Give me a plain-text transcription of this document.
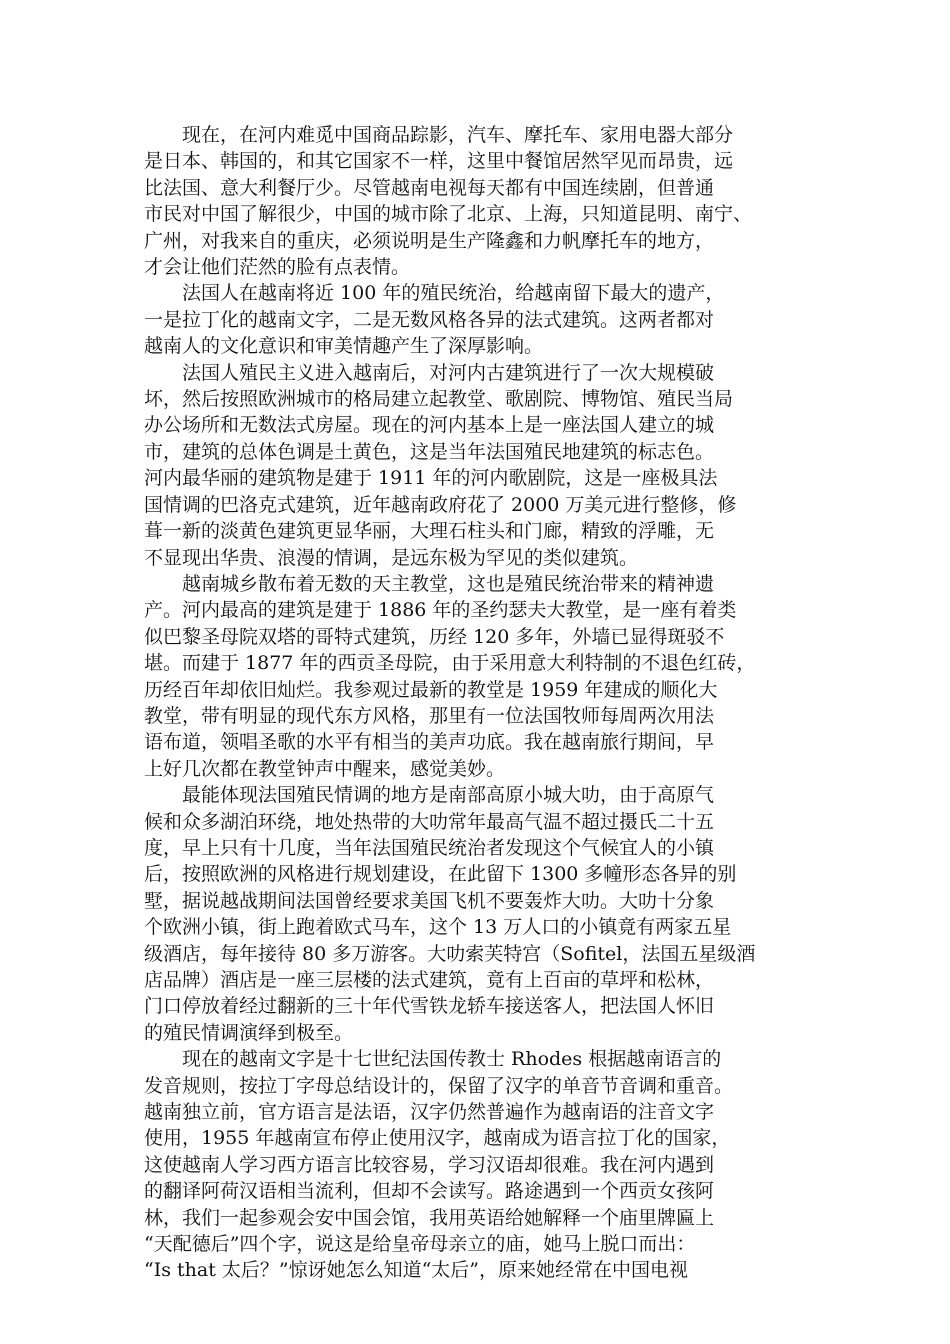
现在，在河内难觅中国商品踪影，汽车、摩托车、家用电器大部分
是日本、韩国的，和其它国家不一样，这里中餐馆居然罕见而昂贵，远
比法国、意大利餐厅少。尽管越南电视每天都有中国连续剧，但普通
市民对中国了解很少，中国的城市除了北京、上海，只知道昆明、南宁、
广州，对我来自的重庆，必须说明是生产隆鑫和力帆摩托车的地方，
才会让他们茫然的脸有点表情。
法国人在越南将近 100 年的殖民统治，给越南留下最大的遗产，
一是拉丁化的越南文字，二是无数风格各异的法式建筑。这两者都对
越南人的文化意识和审美情趣产生了深厚影响。
法国人殖民主义进入越南后，对河内古建筑进行了一次大规模破
坏，然后按照欧洲城市的格局建立起教堂、歌剧院、博物馆、殖民当局
办公场所和无数法式房屋。现在的河内基本上是一座法国人建立的城
市，建筑的总体色调是土黄色，这是当年法国殖民地建筑的标志色。
河内最华丽的建筑物是建于 1911 年的河内歌剧院，这是一座极具法
国情调的巴洛克式建筑，近年越南政府花了 2000 万美元进行整修，修
葺一新的淡黄色建筑更显华丽，大理石柱头和门廊，精致的浮雕，无
不显现出华贵、浪漫的情调，是远东极为罕见的类似建筑。
越南城乡散布着无数的天主教堂，这也是殖民统治带来的精神遗
产。河内最高的建筑是建于 1886 年的圣约瑟夫大教堂，是一座有着类
似巴黎圣母院双塔的哥特式建筑，历经 120 多年，外墙已显得斑驳不
堪。而建于 1877 年的西贡圣母院，由于采用意大利特制的不退色红砖，
历经百年却依旧灿烂。我参观过最新的教堂是 1959 年建成的顺化大
教堂，带有明显的现代东方风格，那里有一位法国牧师每周两次用法
语布道，领唱圣歌的水平有相当的美声功底。我在越南旅行期间，早
上好几次都在教堂钟声中醒来，感觉美妙。
最能体现法国殖民情调的地方是南部高原小城大叻，由于高原气
候和众多湖泊环绕，地处热带的大叻常年最高气温不超过摄氏二十五
度，早上只有十几度，当年法国殖民统治者发现这个气候宜人的小镇
后，按照欧洲的风格进行规划建设，在此留下 1300 多幢形态各异的别
墅，据说越战期间法国曾经要求美国飞机不要轰炸大叻。大叻十分象
个欧洲小镇，街上跑着欧式马车，这个 13 万人口的小镇竟有两家五星
级酒店，每年接待 80 多万游客。大叻索芙特宫（Sofitel，法国五星级酒
店品牌）酒店是一座三层楼的法式建筑，竟有上百亩的草坪和松林，
门口停放着经过翻新的三十年代雪铁龙轿车接送客人，把法国人怀旧
的殖民情调演绎到极至。
现在的越南文字是十七世纪法国传教士 Rhodes 根据越南语言的
发音规则，按拉丁字母总结设计的，保留了汉字的单音节音调和重音。
越南独立前，官方语言是法语，汉字仍然普遍作为越南语的注音文字
使用，1955 年越南宣布停止使用汉字，越南成为语言拉丁化的国家，
这使越南人学习西方语言比较容易，学习汉语却很难。我在河内遇到
的翻译阿荷汉语相当流利，但却不会读写。路途遇到一个西贡女孩阿
林，我们一起参观会安中国会馆，我用英语给她解释一个庙里牌匾上
“天配德后”四个字，说这是给皇帝母亲立的庙，她马上脱口而出：
“Is that 太后？”惊讶她怎么知道“太后”，原来她经常在中国电视
